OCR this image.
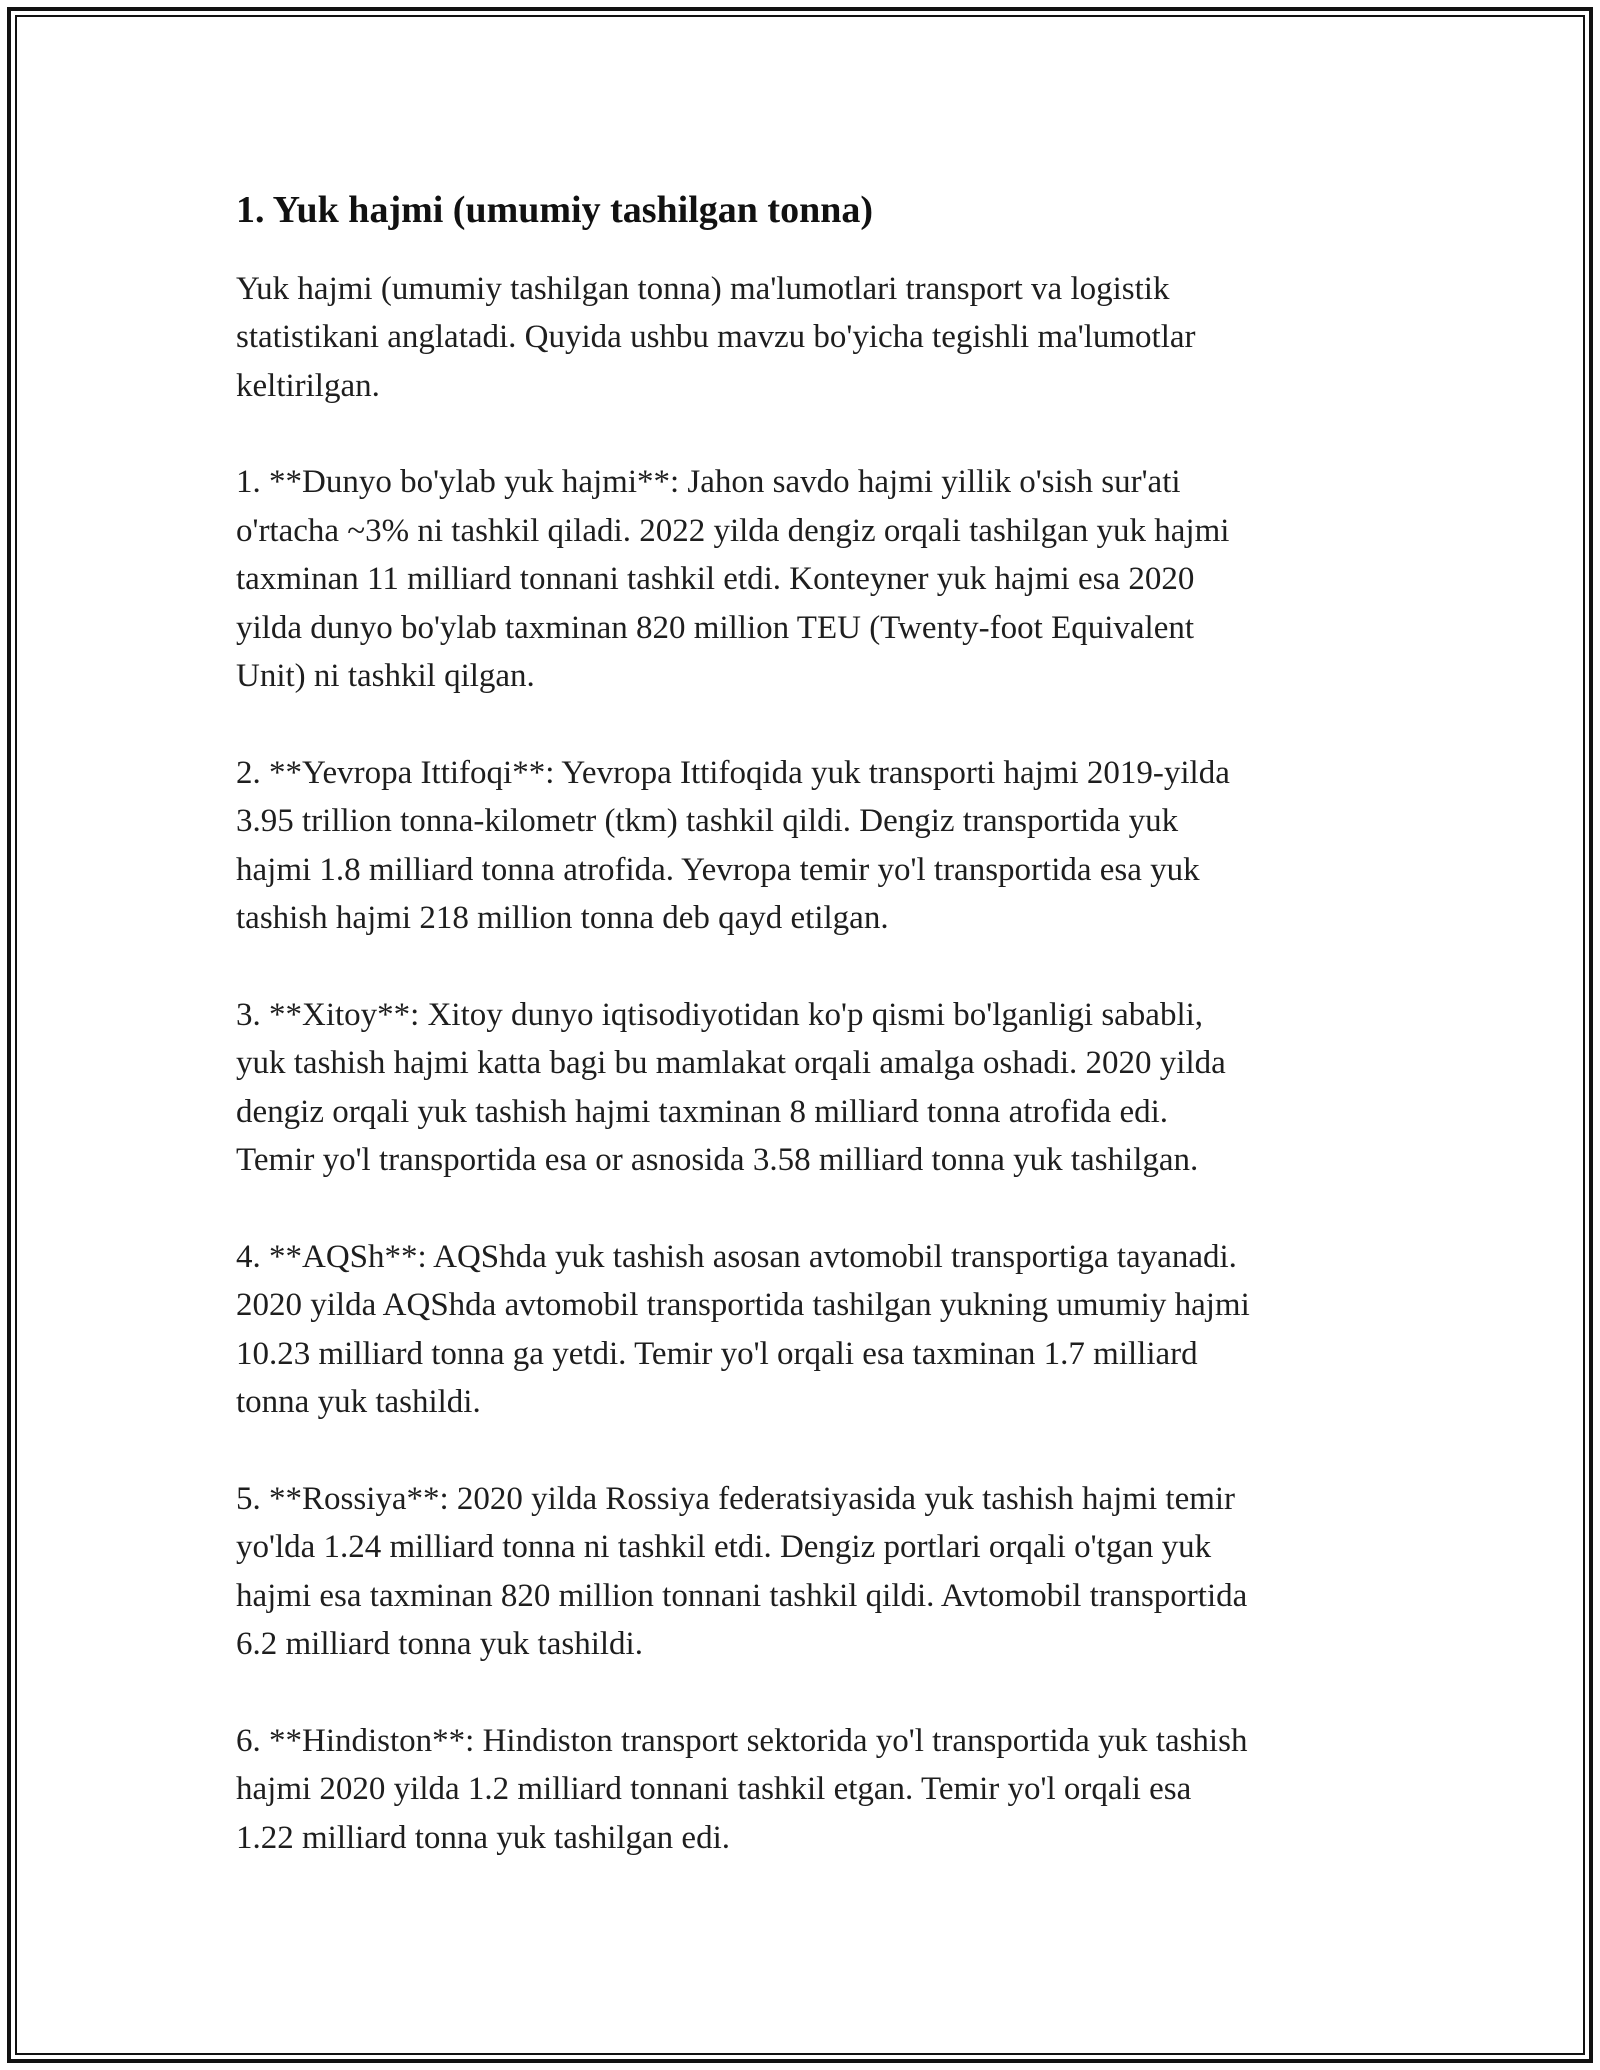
1. Yuk hajmi (umumiy tashilgan tonna)

Yuk hajmi (umumiy tashilgan tonna) ma'lumotlari transport va logistik
statistikani anglatadi. Quyida ushbu mavzu bo'yicha tegishli ma'lumotlar
keltirilgan.

1. **Dunyo bo'ylab yuk hajmi**: Jahon savdo hajmi yillik o'sish sur'ati
o'rtacha ~3% ni tashkil qiladi. 2022 yilda dengiz orqali tashilgan yuk hajmi
taxminan 11 milliard tonnani tashkil etdi. Konteyner yuk hajmi esa 2020
yilda dunyo bo'ylab taxminan 820 million TEU (Twenty-foot Equivalent
Unit) ni tashkil qilgan.

2. **Yevropa Ittifoqi**: Yevropa Ittifoqida yuk transporti hajmi 2019-yilda
3.95 trillion tonna-kilometr (tkm) tashkil qildi. Dengiz transportida yuk
hajmi 1.8 milliard tonna atrofida. Yevropa temir yo'l transportida esa yuk
tashish hajmi 218 million tonna deb qayd etilgan.

3. **Xitoy**: Xitoy dunyo iqtisodiyotidan ko'p qismi bo'lganligi sababli,
yuk tashish hajmi katta bagi bu mamlakat orqali amalga oshadi. 2020 yilda
dengiz orqali yuk tashish hajmi taxminan 8 milliard tonna atrofida edi.
Temir yo'l transportida esa or asnosida 3.58 milliard tonna yuk tashilgan.

4. **AQSh**: AQShda yuk tashish asosan avtomobil transportiga tayanadi.
2020 yilda AQShda avtomobil transportida tashilgan yukning umumiy hajmi
10.23 milliard tonna ga yetdi. Temir yo'l orqali esa taxminan 1.7 milliard
tonna yuk tashildi.

5. **Rossiya**: 2020 yilda Rossiya federatsiyasida yuk tashish hajmi temir
yo'lda 1.24 milliard tonna ni tashkil etdi. Dengiz portlari orqali o'tgan yuk
hajmi esa taxminan 820 million tonnani tashkil qildi. Avtomobil transportida
6.2 milliard tonna yuk tashildi.

6. **Hindiston**: Hindiston transport sektorida yo'l transportida yuk tashish
hajmi 2020 yilda 1.2 milliard tonnani tashkil etgan. Temir yo'l orqali esa
1.22 milliard tonna yuk tashilgan edi.
